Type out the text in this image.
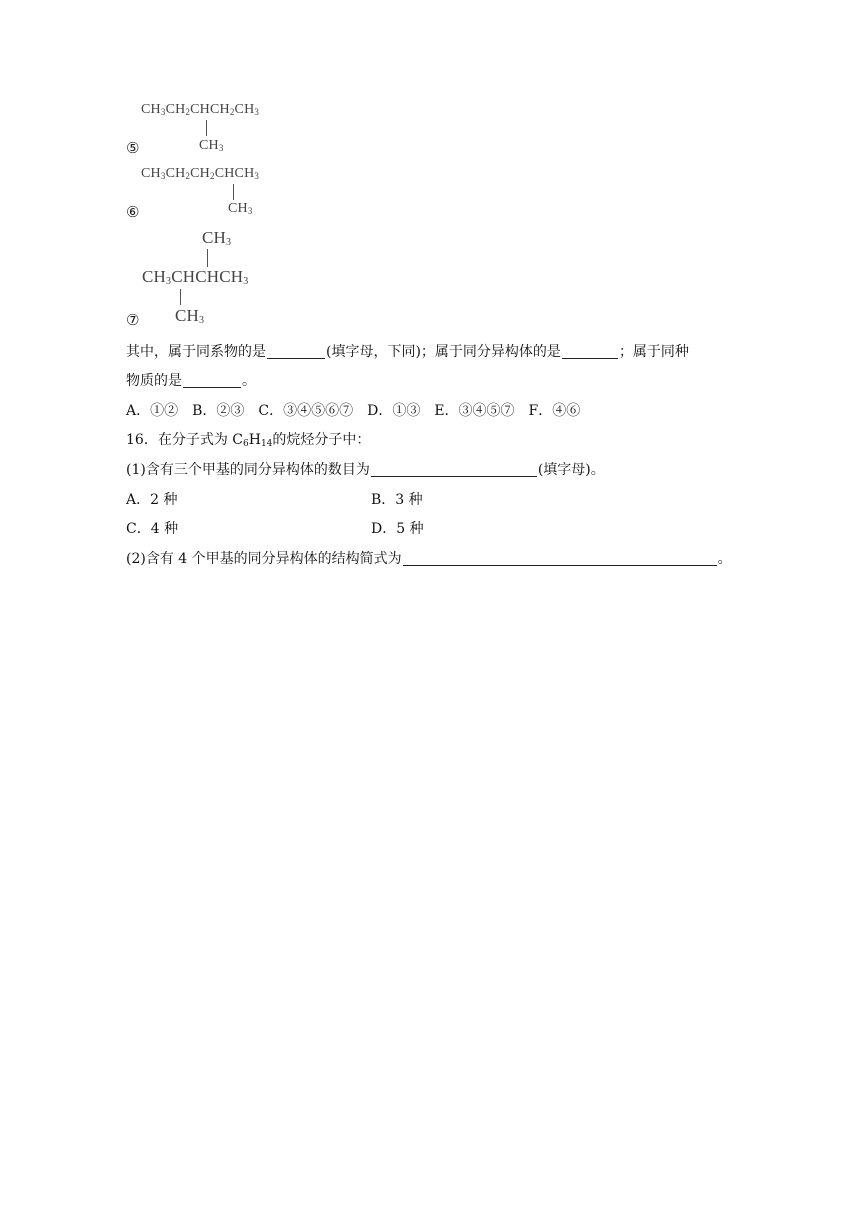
$CH_3CH_2CHCH_2CH_3$
$CH_3$
⑤
$CH_3CH_2CH_2CHCH_3$
$CH_3$
⑥
$CH_3$
$CH_3CHCHCH_3$
$CH_3$
⑦
其中，属于同系物的是	(填字母，下同)；属于同分异构体的是	；属于同种
物质的是	。
A．①②　B．②③　C．③④⑤⑥⑦　D．①③　E．③④⑤⑦　F．④⑥
16．在分子式为 $C_6H_{14}$的烷烃分子中：
(1)含有三个甲基的同分异构体的数目为	(填字母)。
A．2 种	B．3 种
C．4 种	D．5 种
(2)含有 4 个甲基的同分异构体的结构简式为	。
